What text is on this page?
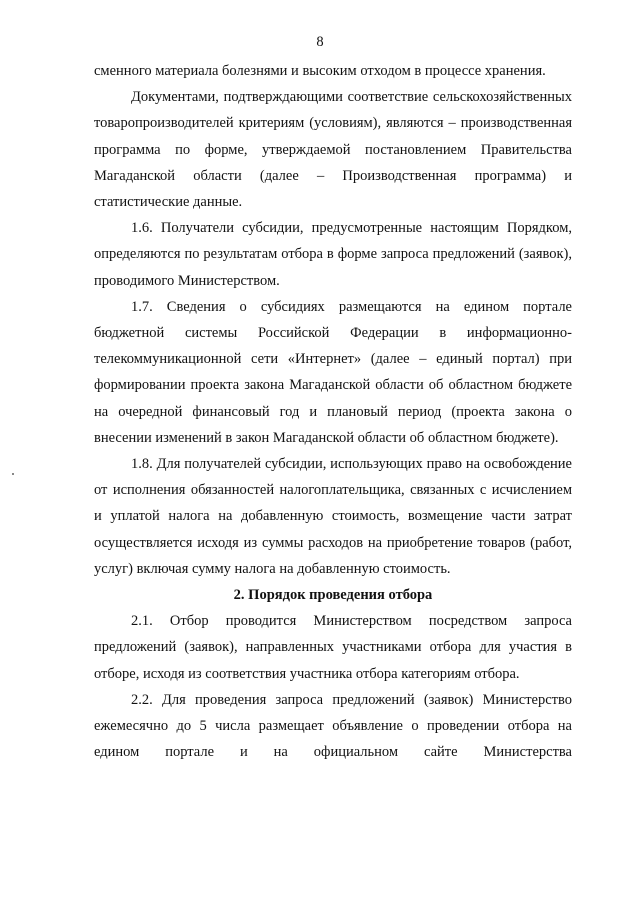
8

сменного материала болезнями и высоким отходом в процессе хранения.

Документами, подтверждающими соответствие сельскохозяйственных товаропроизводителей критериям (условиям), являются – производственная программа по форме, утверждаемой постановлением Правительства Магаданской области (далее – Производственная программа) и статистические данные.

1.6. Получатели субсидии, предусмотренные настоящим Порядком, определяются по результатам отбора в форме запроса предложений (заявок), проводимого Министерством.

1.7. Сведения о субсидиях размещаются на едином портале бюджетной системы Российской Федерации в информационно-телекоммуникационной сети «Интернет» (далее – единый портал) при формировании проекта закона Магаданской области об областном бюджете на очередной финансовый год и плановый период (проекта закона о внесении изменений в закон Магаданской области об областном бюджете).

1.8. Для получателей субсидии, использующих право на освобождение от исполнения обязанностей налогоплательщика, связанных с исчислением и уплатой налога на добавленную стоимость, возмещение части затрат осуществляется исходя из суммы расходов на приобретение товаров (работ, услуг) включая сумму налога на добавленную стоимость.

2. Порядок проведения отбора

2.1. Отбор проводится Министерством посредством запроса предложений (заявок), направленных участниками отбора для участия в отборе, исходя из соответствия участника отбора категориям отбора.

2.2. Для проведения запроса предложений (заявок) Министерство ежемесячно до 5 числа размещает объявление о проведении отбора на едином портале и на официальном сайте Министерства
